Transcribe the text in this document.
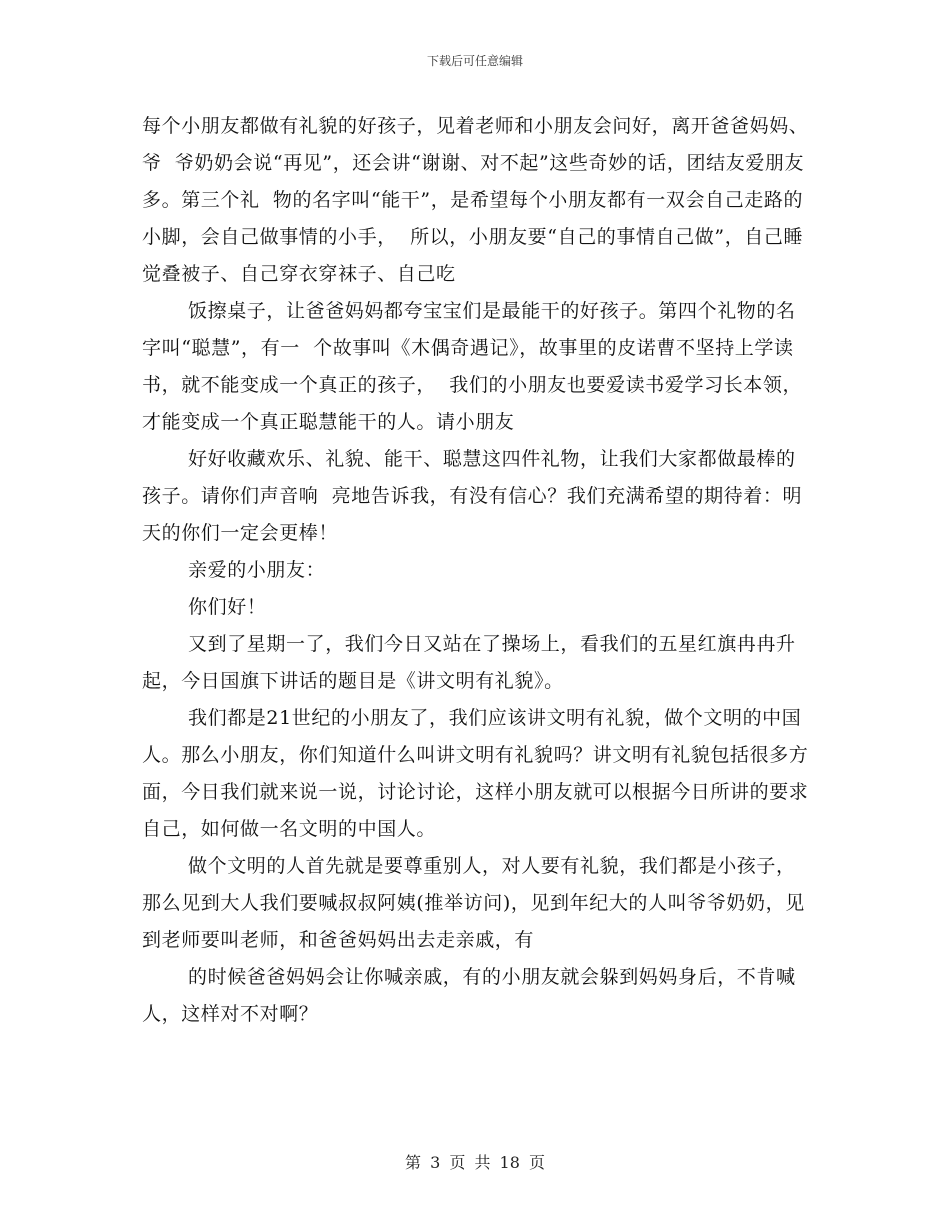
下载后可任意编辑

每个小朋友都做有礼貌的好孩子，见着老师和小朋友会问好，离开爸爸妈妈、爷  爷奶奶会说“再见”，还会讲“谢谢、对不起”这些奇妙的话，团结友爱朋友多。第三个礼  物的名字叫“能干”，是希望每个小朋友都有一双会自己走路的小脚，会自己做事情的小手，  所以，小朋友要“自己的事情自己做”，自己睡觉叠被子、自己穿衣穿袜子、自己吃

饭擦桌子，让爸爸妈妈都夸宝宝们是最能干的好孩子。第四个礼物的名字叫“聪慧”，有一  个故事叫《木偶奇遇记》，故事里的皮诺曹不坚持上学读书，就不能变成一个真正的孩子，  我们的小朋友也要爱读书爱学习长本领，才能变成一个真正聪慧能干的人。请小朋友

好好收藏欢乐、礼貌、能干、聪慧这四件礼物，让我们大家都做最棒的孩子。请你们声音响  亮地告诉我，有没有信心？我们充满希望的期待着：明天的你们一定会更棒！

亲爱的小朋友：

你们好！

又到了星期一了，我们今日又站在了操场上，看我们的五星红旗冉冉升起，今日国旗下讲话的题目是《讲文明有礼貌》。

我们都是21世纪的小朋友了，我们应该讲文明有礼貌，做个文明的中国人。那么小朋友，你们知道什么叫讲文明有礼貌吗？讲文明有礼貌包括很多方面，今日我们就来说一说，讨论讨论，这样小朋友就可以根据今日所讲的要求自己，如何做一名文明的中国人。

做个文明的人首先就是要尊重别人，对人要有礼貌，我们都是小孩子，那么见到大人我们要喊叔叔阿姨(推举访问)，见到年纪大的人叫爷爷奶奶，见到老师要叫老师，和爸爸妈妈出去走亲戚，有

的时候爸爸妈妈会让你喊亲戚，有的小朋友就会躲到妈妈身后，不肯喊人，这样对不对啊？

第 3 页 共 18 页
